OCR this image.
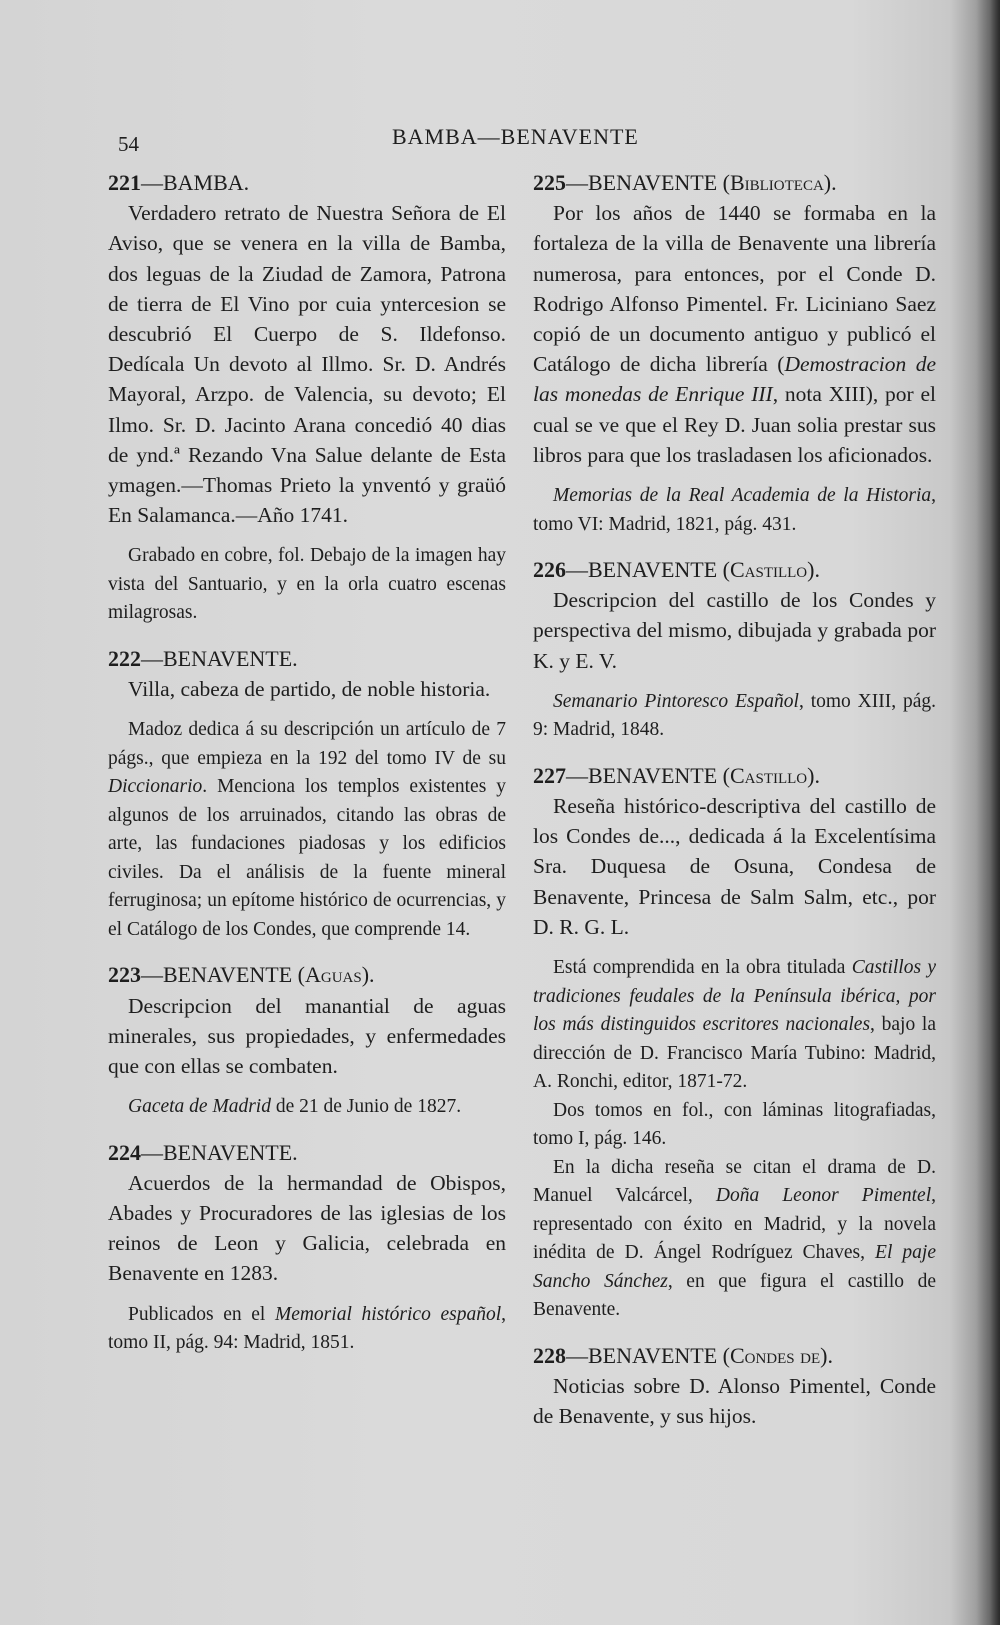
54	BAMBA—BENAVENTE
221—BAMBA.

Verdadero retrato de Nuestra Señora de El Aviso, que se venera en la villa de Bamba, dos leguas de la Ziudad de Zamora, Patrona de tierra de El Vino por cuia yntercesion se descubrió El Cuerpo de S. Ildefonso. Dedícala Un devoto al Illmo. Sr. D. Andrés Mayoral, Arzpo. de Valencia, su devoto; El Ilmo. Sr. D. Jacinto Arana concedió 40 dias de ynd.ª Rezando Vna Salue delante de Esta ymagen.—Thomas Prieto la ynventó y graüó En Salamanca.—Año 1741.

Grabado en cobre, fol. Debajo de la imagen hay vista del Santuario, y en la orla cuatro escenas milagrosas.

222—BENAVENTE.

Villa, cabeza de partido, de noble historia.

Madoz dedica á su descripción un artículo de 7 págs., que empieza en la 192 del tomo IV de su Diccionario. Menciona los templos existentes y algunos de los arruinados, citando las obras de arte, las fundaciones piadosas y los edificios civiles. Da el análisis de la fuente mineral ferruginosa; un epítome histórico de ocurrencias, y el Catálogo de los Condes, que comprende 14.

223—BENAVENTE (Aguas).

Descripcion del manantial de aguas minerales, sus propiedades, y enfermedades que con ellas se combaten.

Gaceta de Madrid de 21 de Junio de 1827.

224—BENAVENTE.

Acuerdos de la hermandad de Obispos, Abades y Procuradores de las iglesias de los reinos de Leon y Galicia, celebrada en Benavente en 1283.

Publicados en el Memorial histórico español, tomo II, pág. 94: Madrid, 1851.

225—BENAVENTE (Biblioteca).

Por los años de 1440 se formaba en la fortaleza de la villa de Benavente una librería numerosa, para entonces, por el Conde D. Rodrigo Alfonso Pimentel. Fr. Liciniano Saez copió de un documento antiguo y publicó el Catálogo de dicha librería (Demostracion de las monedas de Enrique III, nota XIII), por el cual se ve que el Rey D. Juan solia prestar sus libros para que los trasladasen los aficionados.

Memorias de la Real Academia de la Historia, tomo VI: Madrid, 1821, pág. 431.

226—BENAVENTE (Castillo).

Descripcion del castillo de los Condes y perspectiva del mismo, dibujada y grabada por K. y E. V.

Semanario Pintoresco Español, tomo XIII, pág. 9: Madrid, 1848.

227—BENAVENTE (Castillo).

Reseña histórico-descriptiva del castillo de los Condes de..., dedicada á la Excelentísima Sra. Duquesa de Osuna, Condesa de Benavente, Princesa de Salm Salm, etc., por D. R. G. L.

Está comprendida en la obra titulada Castillos y tradiciones feudales de la Península ibérica, por los más distinguidos escritores nacionales, bajo la dirección de D. Francisco María Tubino: Madrid, A. Ronchi, editor, 1871-72.

Dos tomos en fol., con láminas litografiadas, tomo I, pág. 146.

En la dicha reseña se citan el drama de D. Manuel Valcárcel, Doña Leonor Pimentel, representado con éxito en Madrid, y la novela inédita de D. Ángel Rodríguez Chaves, El paje Sancho Sánchez, en que figura el castillo de Benavente.

228—BENAVENTE (Condes de).

Noticias sobre D. Alonso Pimentel, Conde de Benavente, y sus hijos.
